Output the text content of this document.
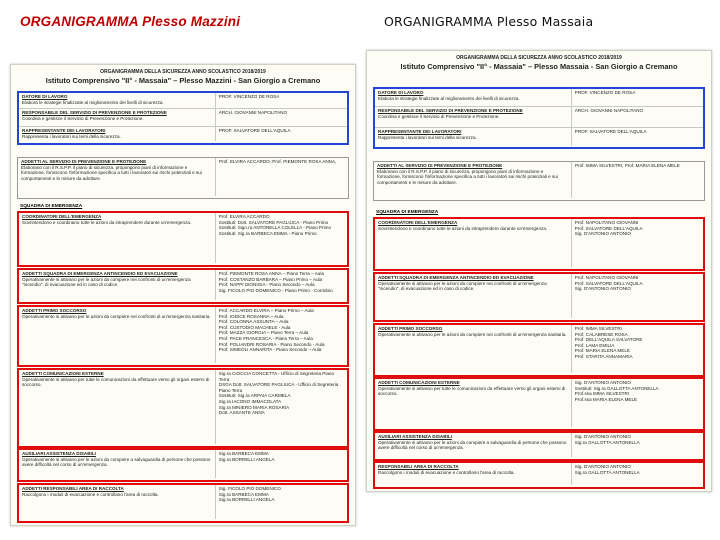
ORGANIGRAMMA Plesso Mazzini	ORGANIGRAMMA Plesso Massaia
ORGANIGRAMMA DELLA SICUREZZA ANNO SCOLASTICO 2018/2019
Istituto Comprensivo "II° - Massaia" – Plesso Mazzini - San Giorgio a Cremano
DATORE DI LAVORO
Elabora le strategie finalizzate al miglioramento dei livelli di sicurezza.
PROF. VINCENZO DE ROSA
RESPONSABILE DEL SERVIZIO DI PREVENZIONE E PROTEZIONE
Coordina e gestisce il Servizio di Prevenzione e Protezione.
ARCH. GIOVANNI NAPOLITANO
RAPPRESENTANTE DEI LAVORATORI
Rappresenta i lavoratori sui temi della sicurezza.
PROF. SALVATORE DELL'AQUILA
ADDETTI AL SERVIZIO DI PREVENZIONE E PROTEZIONE
Elaborano con il R.S.P.P. il piano di sicurezza, propongono piani di informazione e formazione, forniscono l'informazione specifica a tutti i lavoratori sui rischi potenziali e sui comportamenti e le misure da adottare.
Prof. ELVIRA ACCARDO, Prof. PIEMONTE ROSA ANNA,
SQUADRA DI EMERGENZA
COORDINATORI DELL'EMERGENZA
Sovrintendono e coordinano tutte le azioni da intraprendere durante un'emergenza.
Prof. ELVIRA ACCARDO
Sostituti: Dott. SALVATORE PAGLIUCA - Piano Primo
Sostituti: Sign.ra ANTONELLA COLELLA - Piano Primo
Sostituti: Sig.ra BARBECA EMMA - Piano Primo
ADDETTI SQUADRA DI EMERGENZA ANTINCENDIO ED EVACUAZIONE
Operativamente si attivano per le azioni da compiere nei confronti di un'emergenza "incendio", di evacuazione ed in caso di codice.
Prof. PIEMONTE ROSA ANNA – Piano Terra – Aula
Prof. COSTANZO BARBARA – Piano Primo – Aula
Prof. NAPPI DIONIGIA - Piano Secondo – Aula
Sig. FICOLO PIO DOMENICO - Piano Primo - Corridoio
ADDETTI PRIMO SOCCORSO
Operativamente si attivano per le azioni da compiere nei confronti di un'emergenza sanitaria.
Prof. ACCARDO ELVIRA – Piano Primo – Aula
Prof. IODICE ROSANNA – Aula
Prof. COLONNA ASSUNTA – Aula
Prof. CUSTODIO MACHELE - Aula
Prof. MAZZA GIORGIA – Piano Terra – Aula
Prof. PACE FRANCESCA - Piano Terra – Aula
Prof. POLIANDRI ROSARIA - Piano Secondo - Aula
Prof. SIMEOLI ANNARITA - Piano Secondo – Aula
ADDETTI COMUNICAZIONI ESTERNE
Operativamente si attivano per tutte le comunicazioni da effettuare verso gli organi esterni di soccorso.
Sig.ra CIOCCIA CONCETTA - Ufficio di Segreteria Piano Terra
DSGA Dott. SALVATORE PAGLIUCA - Ufficio di Segreteria Piano Terra
Sostituti: Sig.ra ARPAIA CARMELA
Sig.ra IACONO IMMACOLATA
Sig.ra MINIERO MARIA ROSARIA
Dott. ASSANTE ANNA
AUSILIARI ASSISTENZA DISABILI
Operativamente si attivano per le azioni da compiere a salvaguardia di persone che possono avere difficoltà nel corso di un'emergenza.
Sig.ra BARBECA EMMA
Sig.ra BORRELLI ANGELA
ADDETTI RESPONSABILI AREA DI RACCOLTA
Raccolgono i moduli di evacuazione e controllano l'area di raccolta.
Sig. FICOLO PIO DOMENICO
Sig.ra BARBECA EMMA
Sig.ra BORRELLI ANGELA
ORGANIGRAMMA DELLA SICUREZZA ANNO SCOLASTICO 2018/2019
Istituto Comprensivo "II° - Massaia" – Plesso Massaia - San Giorgio a Cremano
DATORE DI LAVORO
Elabora le strategie finalizzate al miglioramento dei livelli di sicurezza.
PROF. VINCENZO DE ROSA
RESPONSABILE DEL SERVIZIO DI PREVENZIONE E PROTEZIONE
Coordina e gestisce il Servizio di Prevenzione e Protezione.
ARCH. GIOVANNI NAPOLITANO
RAPPRESENTANTE DEI LAVORATORI
Rappresenta i lavoratori sui temi della sicurezza.
PROF. SALVATORE DELL'AQUILA
ADDETTI AL SERVIZIO DI PREVENZIONE E PROTEZIONE
Elaborano con il R.S.P.P. il piano di sicurezza, propongono piani di informazione e formazione, forniscono l'informazione specifica a tutti i lavoratori sui rischi potenziali e sui comportamenti e le misure da adottare.
Prof. IMMA SILVESTRI, Prof. MARIA ELENA MELE
SQUADRA DI EMERGENZA
COORDINATORI DELL'EMERGENZA
Sovrintendono e coordinano tutte le azioni da intraprendere durante un'emergenza.
Prof. NAPOLITANO GIOVANNI
Prof. SALVATORE DELL'AQUILA
Sig. D'ANTONIO ANTONIO
ADDETTI SQUADRA DI EMERGENZA ANTINCENDIO ED EVACUAZIONE
Operativamente si attivano per le azioni da compiere nei confronti di un'emergenza "incendio", di evacuazione ed in caso di codice.
Prof. NAPOLITANO GIOVANNI
Prof. SALVATORE DELL'AQUILA
Sig. D'ANTONIO ANTONIO
ADDETTI PRIMO SOCCORSO
Operativamente si attivano per le azioni da compiere nei confronti di un'emergenza sanitaria.
Prof. IMMA SILVESTRI
Prof. CALABRESE ROSA
Prof. DELL'AQUILA SALVATORE
Prof. LAMA EMILIA
Prof. MARIA ELENA MELE
Prof. STARITA ANNAMARIA
ADDETTI COMUNICAZIONI ESTERNE
Operativamente si attivano per tutte le comunicazioni da effettuare verso gli organi esterni di soccorso.
Sig. D'ANTONIO ANTONIO
Sostituti: Sig.ra GALLOTTA ANTONELLA
Prof.ssa IMMA SILVESTRI
Prof.ssa MARIA ELENA MELE
AUSILIARI ASSISTENZA DISABILI
Operativamente si attivano per le azioni da compiere a salvaguardia di persone che possono avere difficoltà nel corso di un'emergenza.
Sig. D'ANTONIO ANTONIO
Sig.ra GALLOTTA ANTONELLA
RESPONSABILI AREA DI RACCOLTA
Raccolgono i moduli di evacuazione e controllano l'area di raccolta.
Sig. D'ANTONIO ANTONIO
Sig.ra GALLOTTA ANTONELLA
